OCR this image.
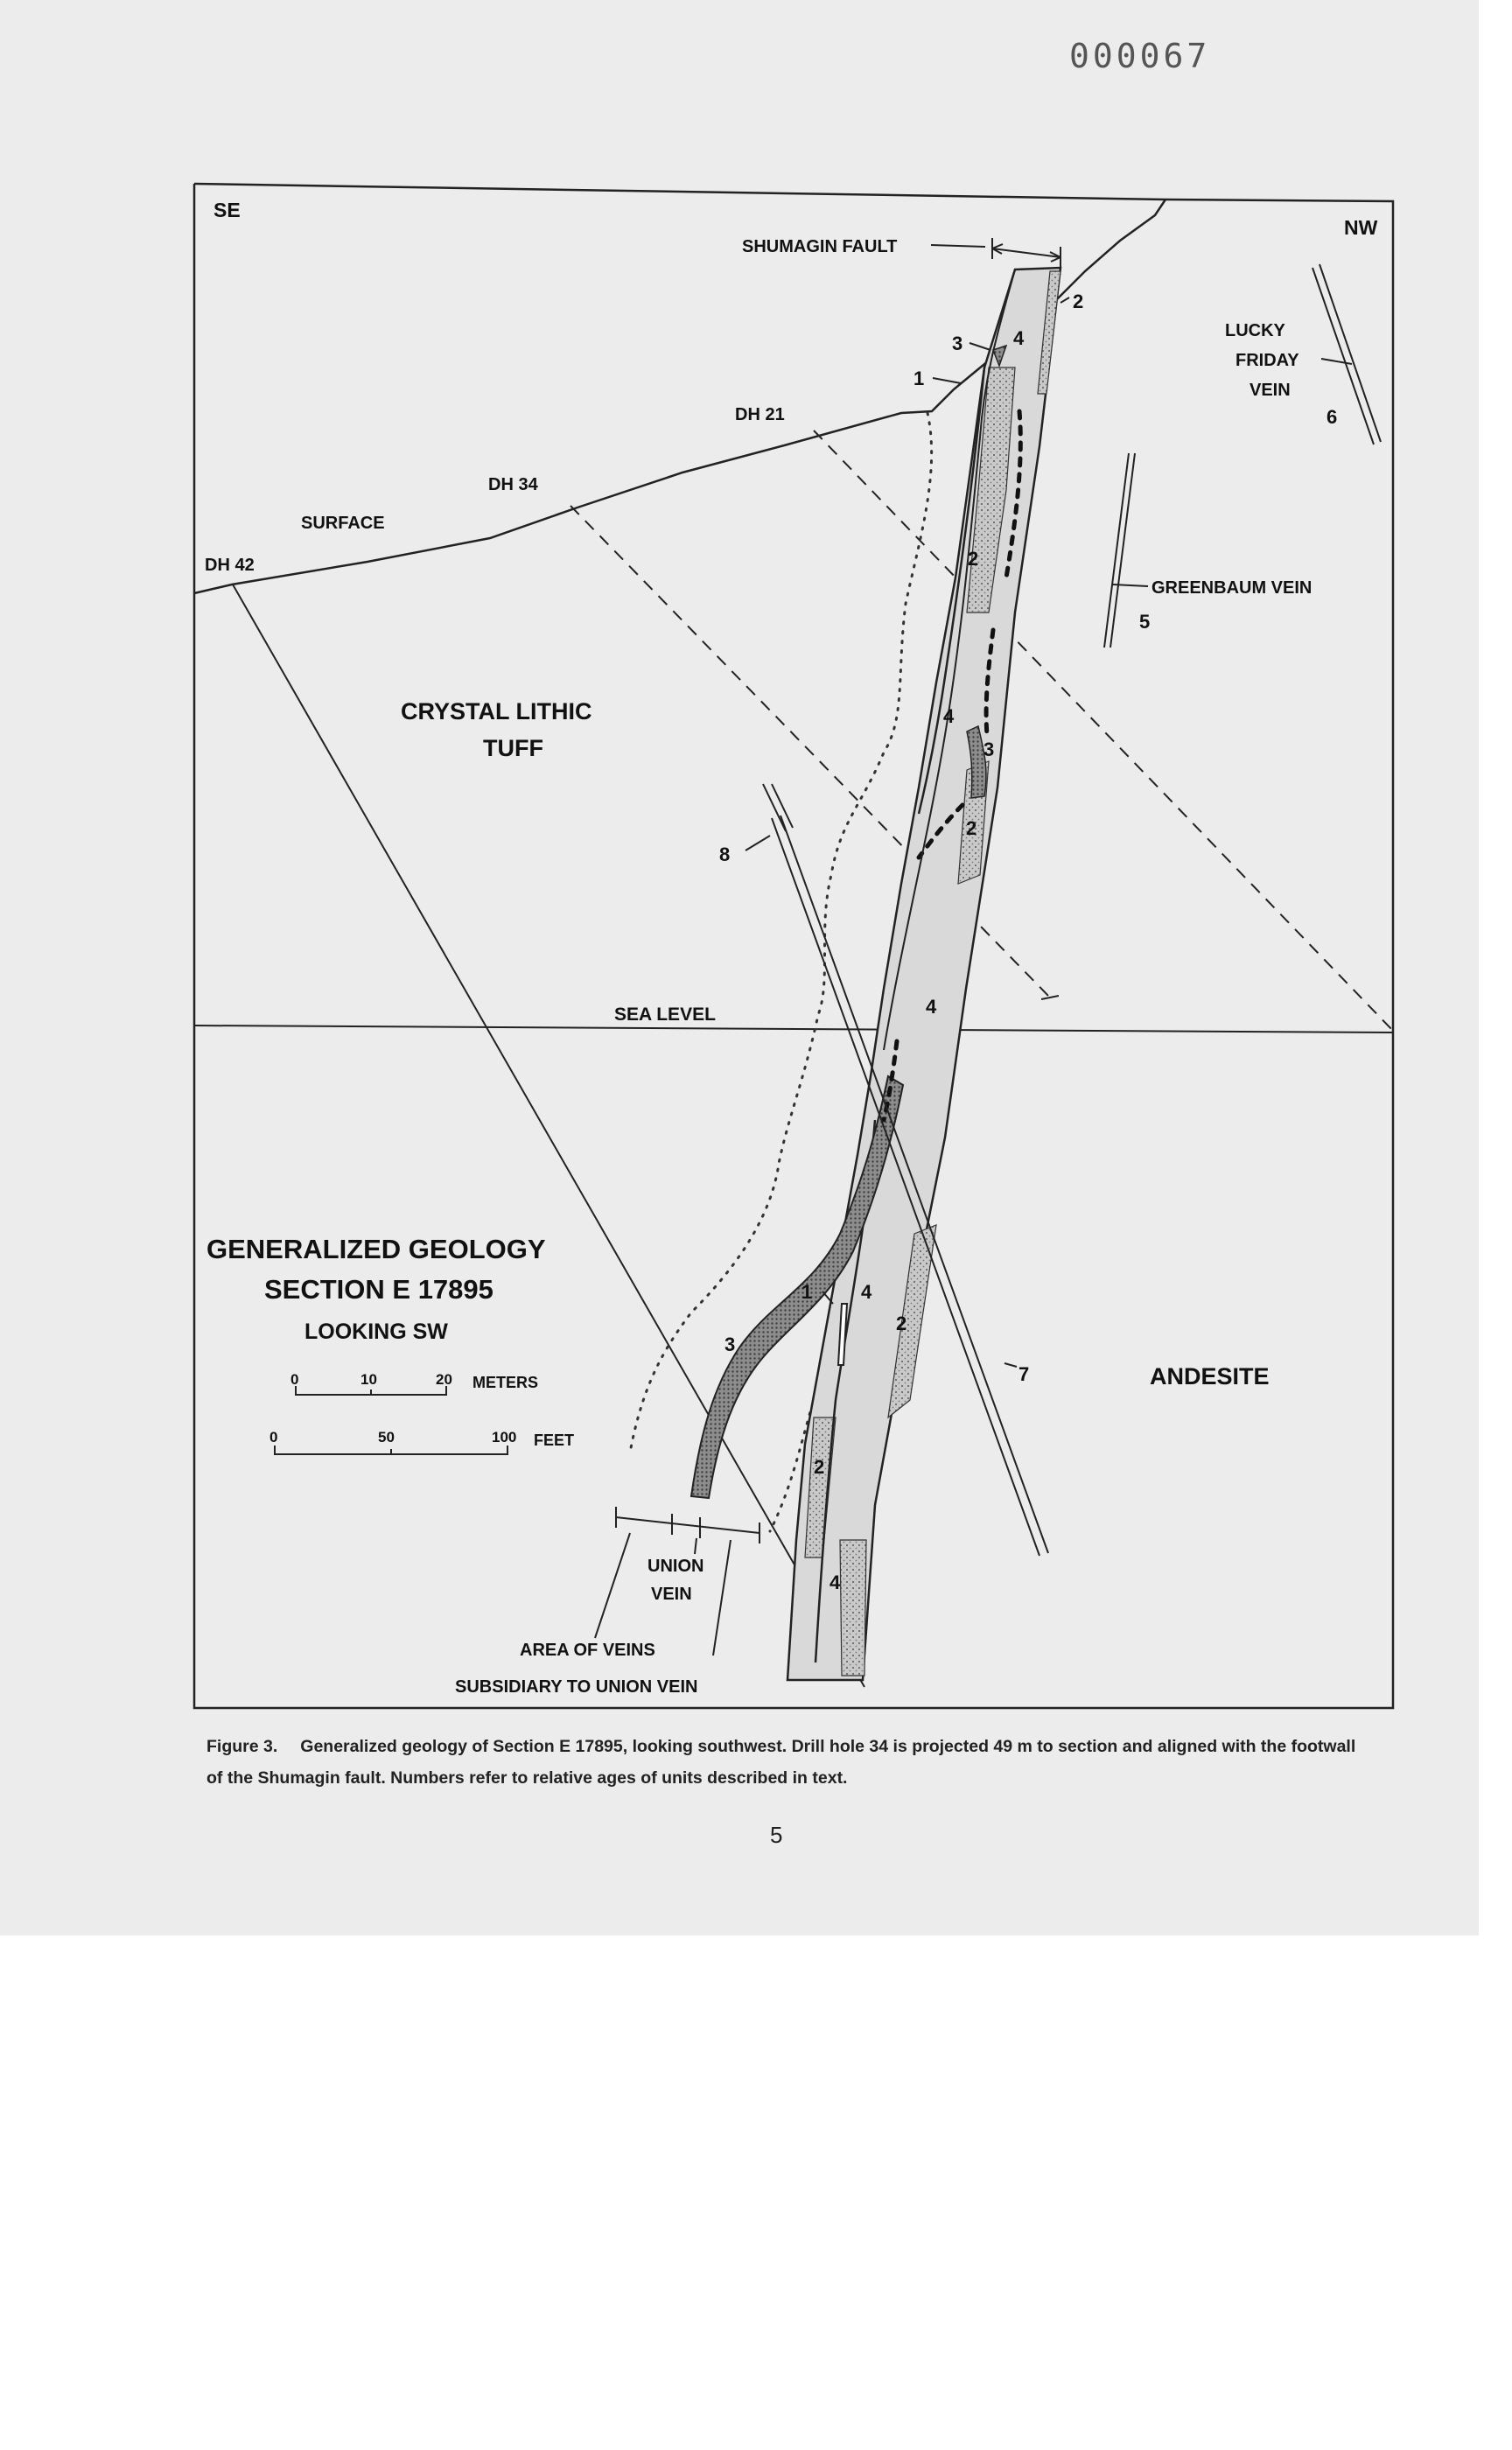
000067
SE
NW
SHUMAGIN FAULT
LUCKY
FRIDAY
VEIN
6
GREENBAUM VEIN
5
DH 21
DH 34
SURFACE
DH 42
CRYSTAL LITHIC
TUFF
SEA LEVEL
ANDESITE
GENERALIZED GEOLOGY
SECTION E 17895
LOOKING SW
0	10	20 METERS
0	50	100 FEET
UNION
VEIN
AREA OF VEINS
SUBSIDIARY TO UNION VEIN
2
4
3
1
2
4
3
2
8
4
1	4
2
3
7
2
4
Figure 3. Generalized geology of Section E 17895, looking southwest. Drill hole 34 is projected 49 m to section and aligned with the footwall of the Shumagin fault. Numbers refer to relative ages of units described in text.
5
